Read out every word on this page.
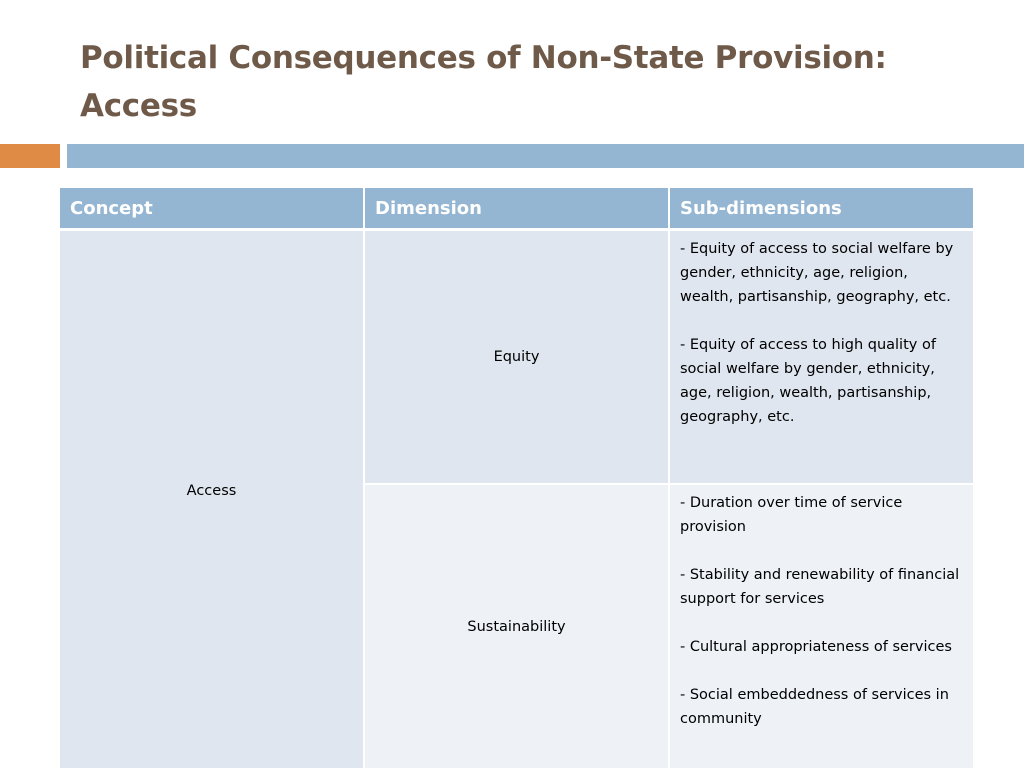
Political Consequences of Non-State Provision: Access
Concept	Dimension	Sub-dimensions
Access	Equity	- Equity of access to social welfare by gender, ethnicity, age, religion, wealth, partisanship, geography, etc.

- Equity of access to high quality of social welfare by gender, ethnicity, age, religion, wealth, partisanship, geography, etc.

	Sustainability	- Duration over time of service provision

- Stability and renewability of financial support for services

- Cultural appropriateness of services

- Social embeddedness of services in community
